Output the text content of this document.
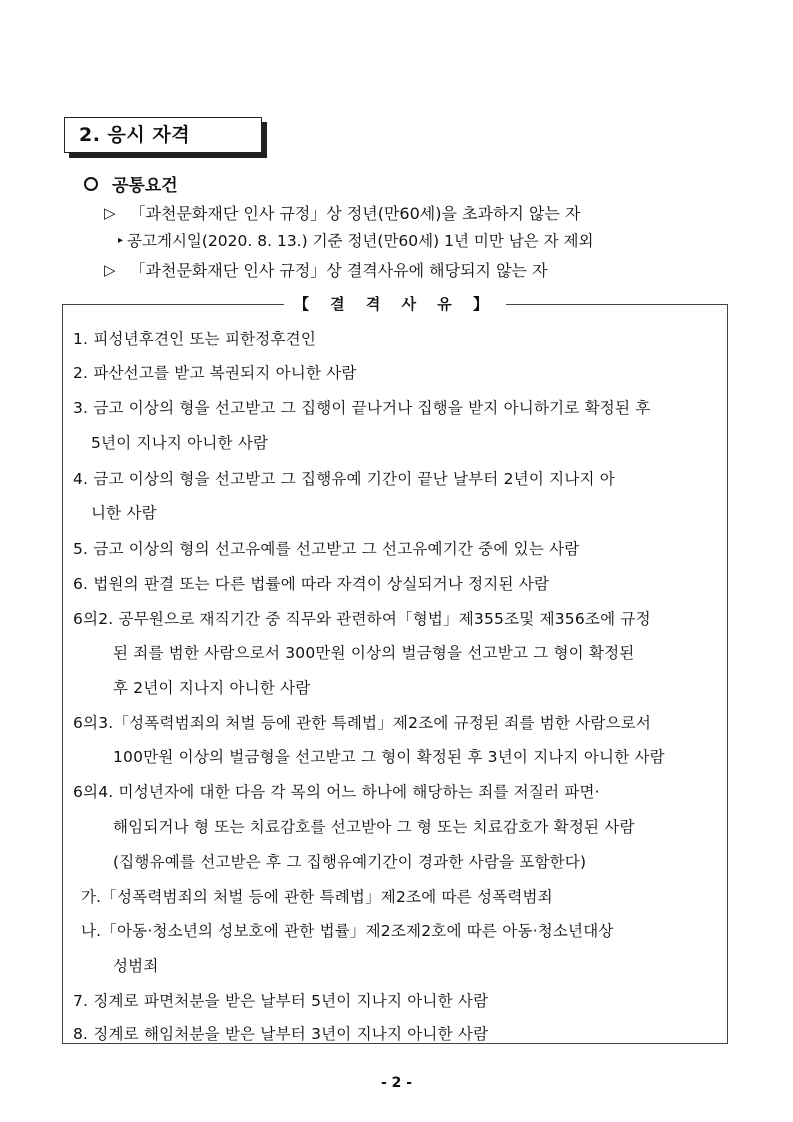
2. 응시 자격
공통요건
▷ 「과천문화재단 인사 규정」상 정년(만60세)을 초과하지 않는 자
▸ 공고게시일(2020. 8. 13.) 기준 정년(만60세) 1년 미만 남은 자 제외
▷ 「과천문화재단 인사 규정」상 결격사유에 해당되지 않는 자
【 결 격 사 유 】
1. 피성년후견인 또는 피한정후견인
2. 파산선고를 받고 복권되지 아니한 사람
3. 금고 이상의 형을 선고받고 그 집행이 끝나거나 집행을 받지 아니하기로 확정된 후
5년이 지나지 아니한 사람
4. 금고 이상의 형을 선고받고 그 집행유예 기간이 끝난 날부터 2년이 지나지 아
니한 사람
5. 금고 이상의 형의 선고유예를 선고받고 그 선고유예기간 중에 있는 사람
6. 법원의 판결 또는 다른 법률에 따라 자격이 상실되거나 정지된 사람
6의2. 공무원으로 재직기간 중 직무와 관련하여「형법」제355조및 제356조에 규정
된 죄를 범한 사람으로서 300만원 이상의 벌금형을 선고받고 그 형이 확정된
후 2년이 지나지 아니한 사람
6의3.「성폭력범죄의 처벌 등에 관한 특례법」제2조에 규정된 죄를 범한 사람으로서
100만원 이상의 벌금형을 선고받고 그 형이 확정된 후 3년이 지나지 아니한 사람
6의4. 미성년자에 대한 다음 각 목의 어느 하나에 해당하는 죄를 저질러 파면·
해임되거나 형 또는 치료감호를 선고받아 그 형 또는 치료감호가 확정된 사람
(집행유예를 선고받은 후 그 집행유예기간이 경과한 사람을 포함한다)
가.「성폭력범죄의 처벌 등에 관한 특례법」제2조에 따른 성폭력범죄
나.「아동·청소년의 성보호에 관한 법률」제2조제2호에 따른 아동·청소년대상
성범죄
7. 징계로 파면처분을 받은 날부터 5년이 지나지 아니한 사람
8. 징계로 해임처분을 받은 날부터 3년이 지나지 아니한 사람
- 2 -
